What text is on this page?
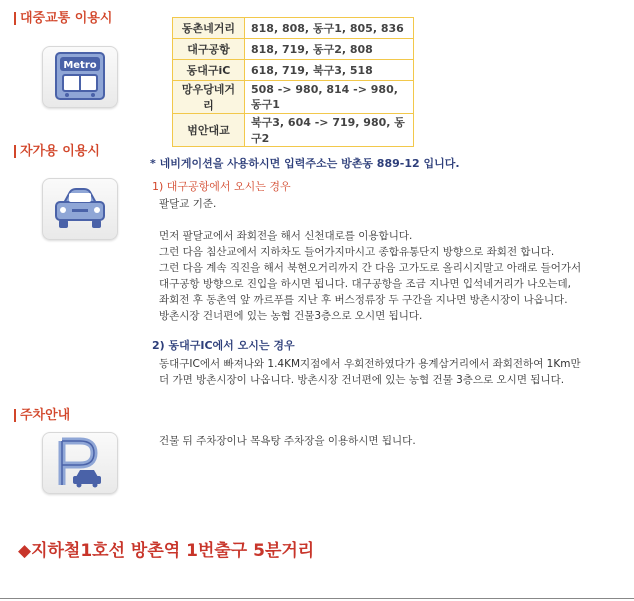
대중교통 이용시
Metro
동촌네거리	818, 808, 동구1, 805, 836
대구공항	818, 719, 동구2, 808
동대구iC	618, 719, 북구3, 518
망우당네거리	508 -> 980, 814 -> 980, 동구1
범안대교	북구3, 604 -> 719, 980, 동구2
자가용 이용시
* 네비게이션을 사용하시면 입력주소는 방촌동 889-12 입니다.
1) 대구공항에서 오시는 경우
팔달교 기준.
먼저 팔달교에서 좌회전을 해서 신천대로를 이용합니다.
그런 다음 침산교에서 지하차도 들어가지마시고 종합유통단지 방향으로 좌회전 합니다.
그런 다음 계속 직진을 해서 북현오거리까지 간 다음 고가도로 올리시지말고 아래로 들어가서
대구공항 방향으로 진입을 하시면 됩니다. 대구공항을 조금 지나면 입석네거리가 나오는데,
좌회전 후 동촌역 앞 까르푸를 지난 후 버스정류장 두 구간을 지나면 방촌시장이 나옵니다.
방촌시장 건너편에 있는 농협 건물3층으로 오시면 됩니다.
2) 동대구IC에서 오시는 경우
동대구IC에서 빠져나와 1.4KM지점에서 우회전하였다가 용계삼거리에서 좌회전하여 1Km만
더 가면 방촌시장이 나옵니다. 방촌시장 건너편에 있는 농협 건물 3층으로 오시면 됩니다.
주차안내
건물 뒤 주차장이나 목욕탕 주차장을 이용하시면 됩니다.
◆지하철1호선 방촌역 1번출구 5분거리
